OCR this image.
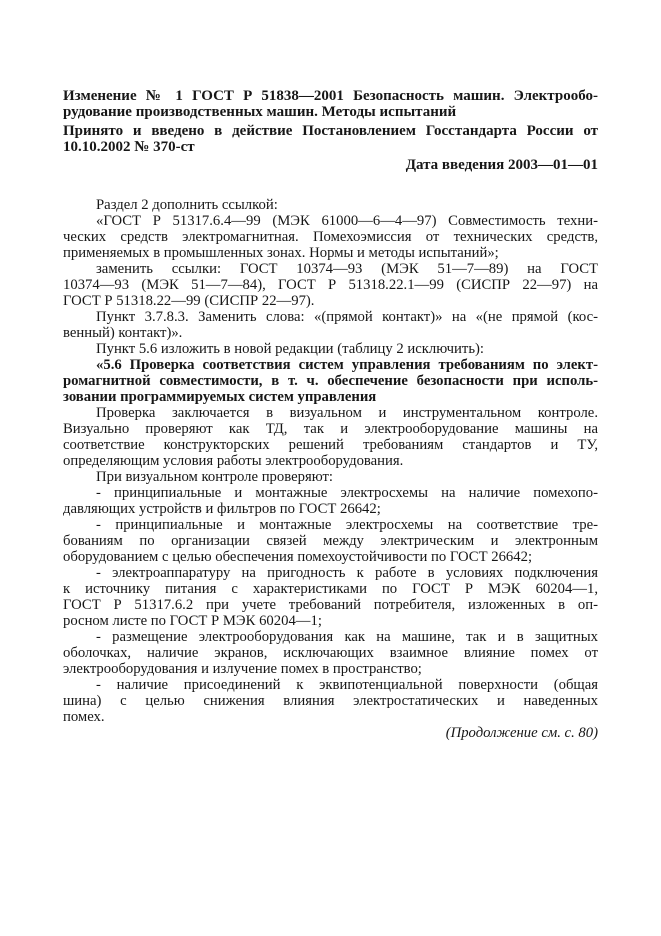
Изменение № 1 ГОСТ Р 51838—2001 Безопасность машин. Электрообо-
рудование производственных машин. Методы испытаний
Принято и введено в действие Постановлением Госстандарта России от
10.10.2002 № 370-ст
Дата введения 2003—01—01
Раздел 2 дополнить ссылкой:
«ГОСТ Р 51317.6.4—99 (МЭК 61000—6—4—97) Совместимость техни-
ческих средств электромагнитная. Помехоэмиссия от технических средств,
применяемых в промышленных зонах. Нормы и методы испытаний»;
заменить ссылки: ГОСТ 10374—93 (МЭК 51—7—89) на ГОСТ
10374—93 (МЭК 51—7—84), ГОСТ Р 51318.22.1—99 (СИСПР 22—97) на
ГОСТ Р 51318.22—99 (СИСПР 22—97).
Пункт 3.7.8.3. Заменить слова: «(прямой контакт)» на «(не прямой (кос-
венный) контакт)».
Пункт 5.6 изложить в новой редакции (таблицу 2 исключить):
«5.6 Проверка соответствия систем управления требованиям по элект-
ромагнитной совместимости, в т. ч. обеспечение безопасности при исполь-
зовании программируемых систем управления
Проверка заключается в визуальном и инструментальном контроле.
Визуально проверяют как ТД, так и электрооборудование машины на
соответствие конструкторских решений требованиям стандартов и ТУ,
определяющим условия работы электрооборудования.
При визуальном контроле проверяют:
- принципиальные и монтажные электросхемы на наличие помехопо-
давляющих устройств и фильтров по ГОСТ 26642;
- принципиальные и монтажные электросхемы на соответствие тре-
бованиям по организации связей между электрическим и электронным
оборудованием с целью обеспечения помехоустойчивости по ГОСТ 26642;
- электроаппаратуру на пригодность к работе в условиях подключения
к источнику питания с характеристиками по ГОСТ Р МЭК 60204—1,
ГОСТ Р 51317.6.2 при учете требований потребителя, изложенных в оп-
росном листе по ГОСТ Р МЭК 60204—1;
- размещение электрооборудования как на машине, так и в защитных
оболочках, наличие экранов, исключающих взаимное влияние помех от
электрооборудования и излучение помех в пространство;
- наличие присоединений к эквипотенциальной поверхности (общая
шина) с целью снижения влияния электростатических и наведенных
помех.
(Продолжение см. с. 80)
